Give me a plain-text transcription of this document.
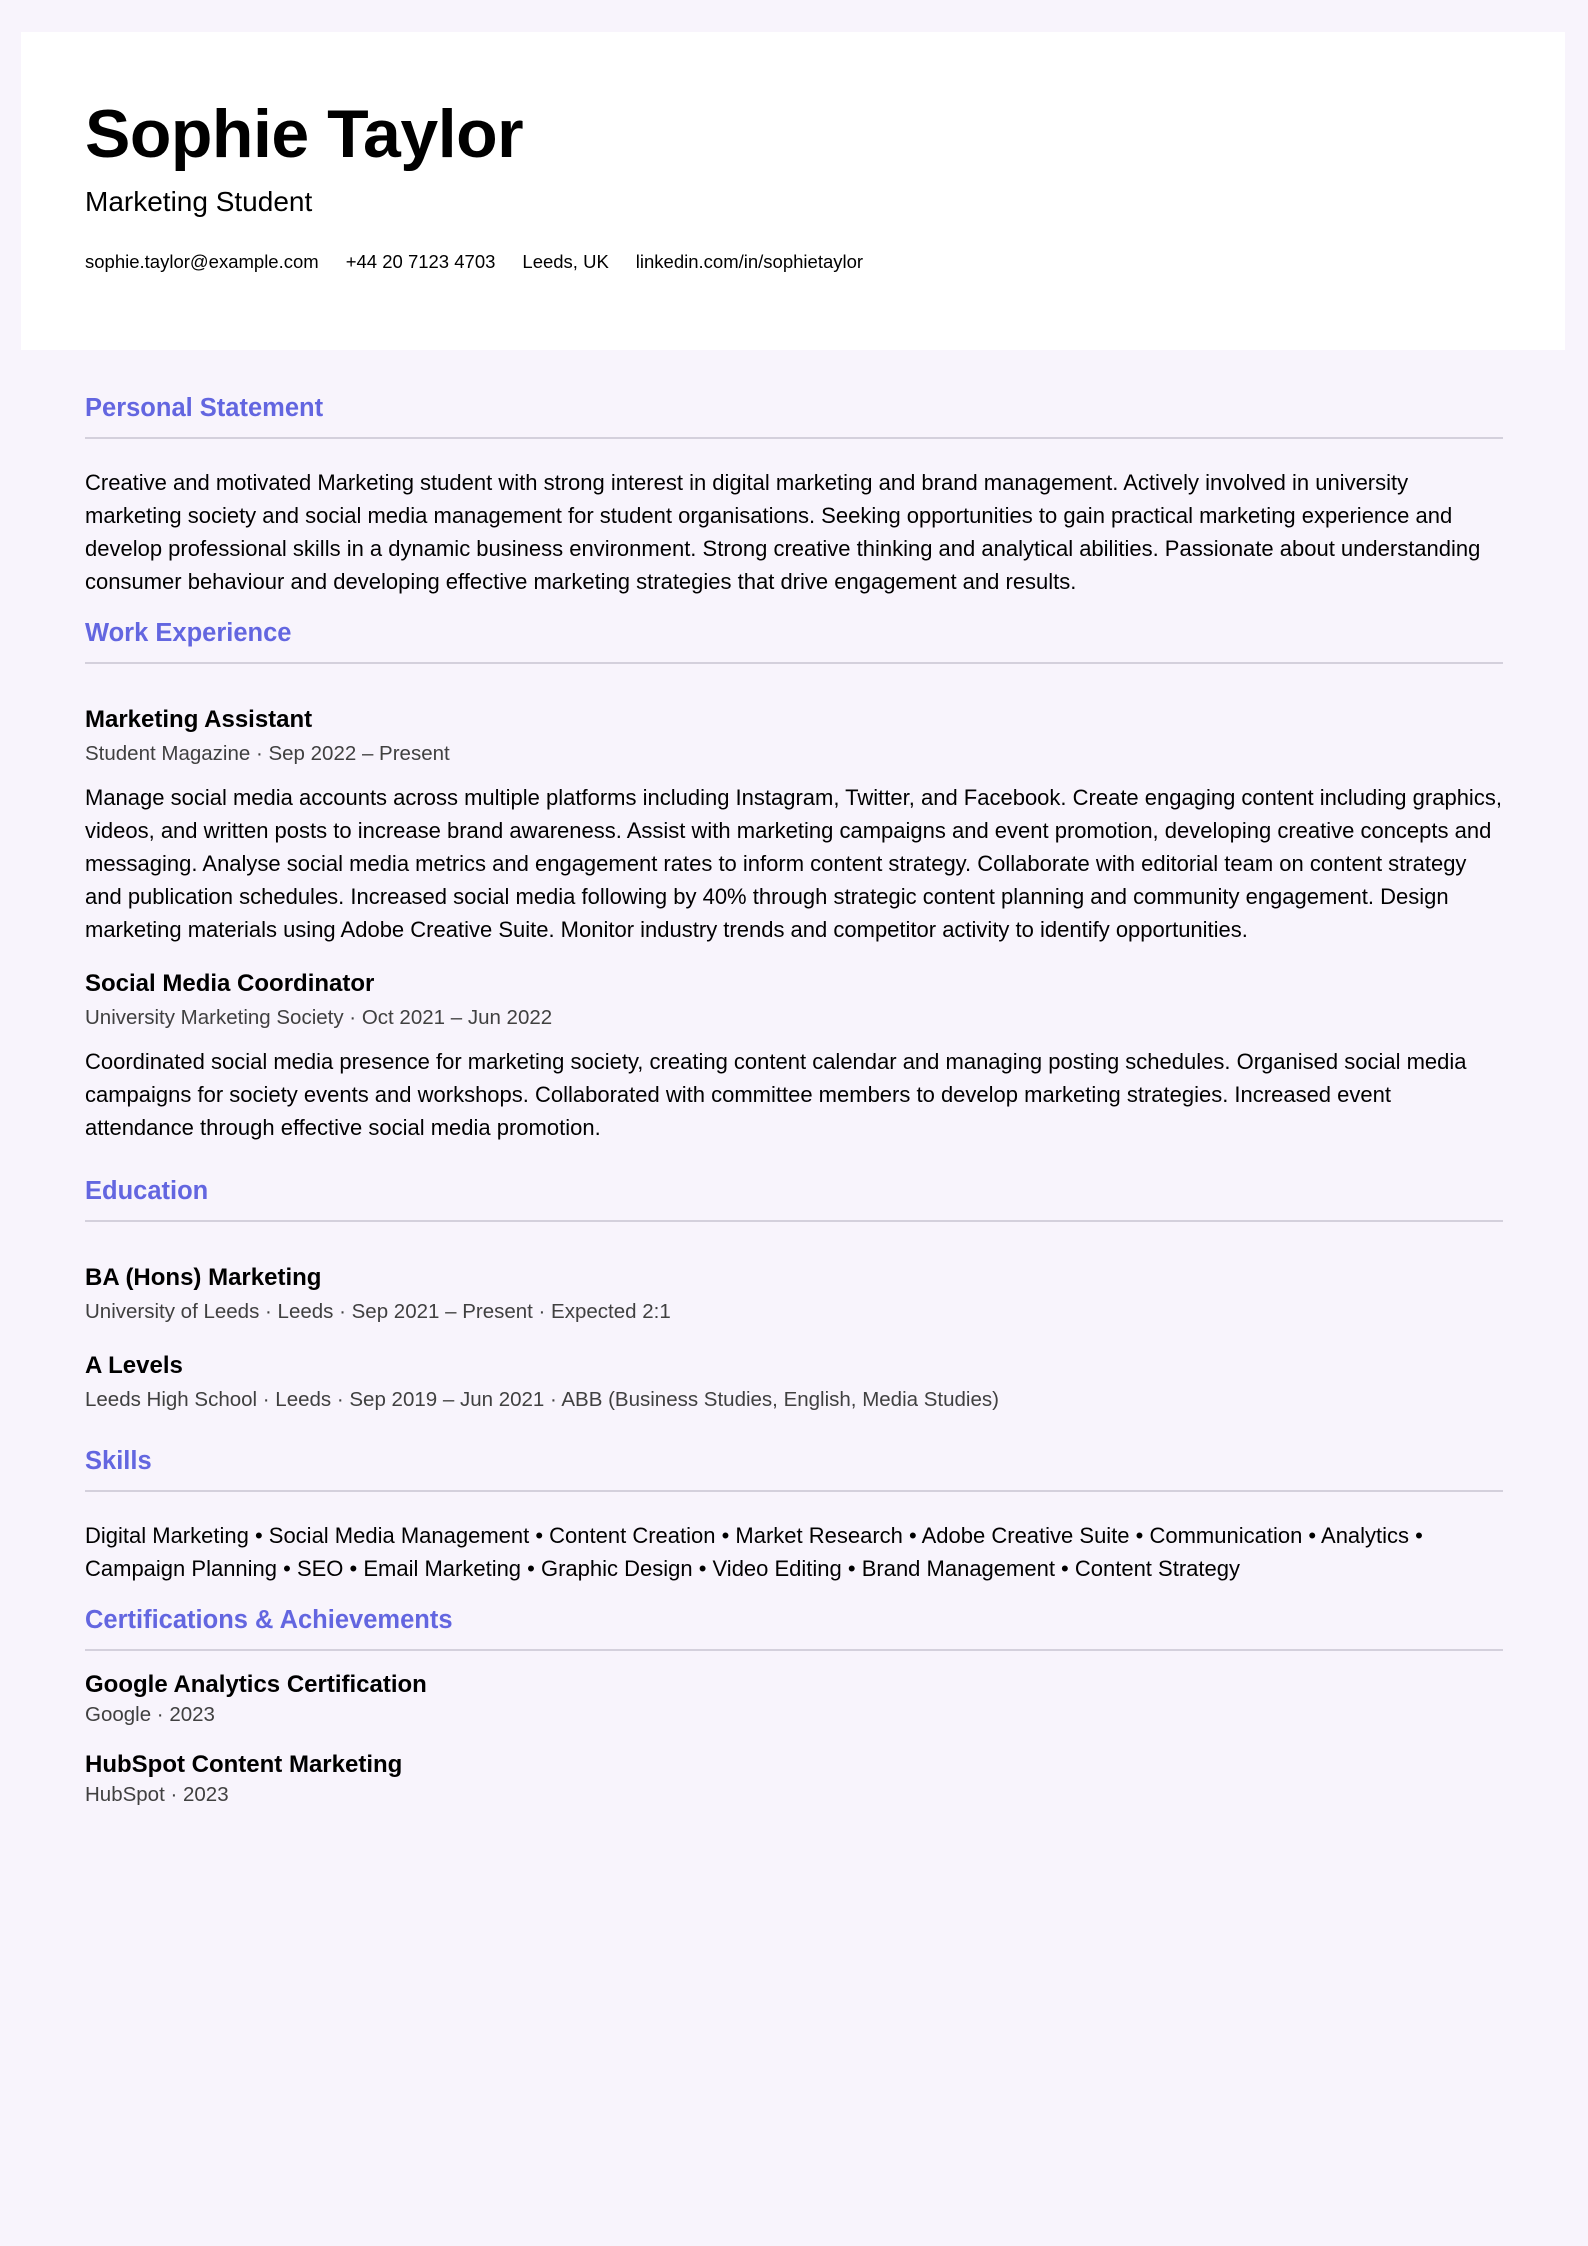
Sophie Taylor
Marketing Student
sophie.taylor@example.com +44 20 7123 4703 Leeds, UK linkedin.com/in/sophietaylor
Personal Statement

Creative and motivated Marketing student with strong interest in digital marketing and brand management. Actively involved in university marketing society and social media management for student organisations. Seeking opportunities to gain practical marketing experience and develop professional skills in a dynamic business environment. Strong creative thinking and analytical abilities. Passionate about understanding consumer behaviour and developing effective marketing strategies that drive engagement and results.

Work Experience
Marketing Assistant
Student Magazine · Sep 2022 – Present

Manage social media accounts across multiple platforms including Instagram, Twitter, and Facebook. Create engaging content including graphics, videos, and written posts to increase brand awareness. Assist with marketing campaigns and event promotion, developing creative concepts and messaging. Analyse social media metrics and engagement rates to inform content strategy. Collaborate with editorial team on content strategy and publication schedules. Increased social media following by 40% through strategic content planning and community engagement. Design marketing materials using Adobe Creative Suite. Monitor industry trends and competitor activity to identify opportunities.

Social Media Coordinator
University Marketing Society · Oct 2021 – Jun 2022

Coordinated social media presence for marketing society, creating content calendar and managing posting schedules. Organised social media campaigns for society events and workshops. Collaborated with committee members to develop marketing strategies. Increased event attendance through effective social media promotion.

Education
BA (Hons) Marketing
University of Leeds · Leeds · Sep 2021 – Present · Expected 2:1
A Levels
Leeds High School · Leeds · Sep 2019 – Jun 2021 · ABB (Business Studies, English, Media Studies)
Skills

Digital Marketing • Social Media Management • Content Creation • Market Research • Adobe Creative Suite • Communication • Analytics • Campaign Planning • SEO • Email Marketing • Graphic Design • Video Editing • Brand Management • Content Strategy

Certifications & Achievements
Google Analytics Certification
Google · 2023
HubSpot Content Marketing
HubSpot · 2023
